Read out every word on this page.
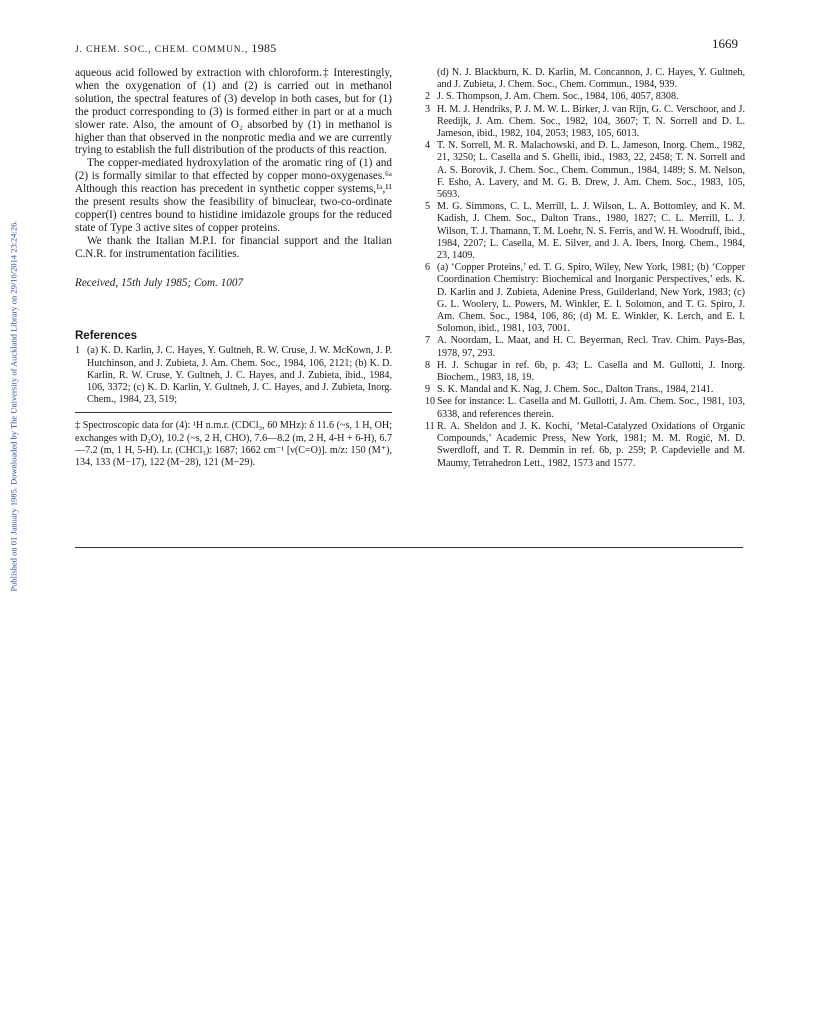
Published on 01 January 1985. Downloaded by The University of Auckland Library on 29/10/2014 23:24:26.
J. CHEM. SOC., CHEM. COMMUN., 1985	1669

aqueous acid followed by extraction with chloroform.‡ Interestingly, when the oxygenation of (1) and (2) is carried out in methanol solution, the spectral features of (3) develop in both cases, but for (1) the product corresponding to (3) is formed either in part or at a much slower rate. Also, the amount of O₂ absorbed by (1) in methanol is higher than that observed in the nonprotic media and we are currently trying to establish the full distribution of the products of this reaction.

The copper-mediated hydroxylation of the aromatic ring of (1) and (2) is formally similar to that effected by copper mono-oxygenases.⁶ᵃ Although this reaction has precedent in synthetic copper systems,¹ᵃ,¹¹ the present results show the feasibility of binuclear, two-co-ordinate copper(I) centres bound to histidine imidazole groups for the reduced state of Type 3 active sites of copper proteins.

We thank the Italian M.P.I. for financial support and the Italian C.N.R. for instrumentation facilities.

Received, 15th July 1985; Com. 1007

References
1 (a) K. D. Karlin, J. C. Hayes, Y. Gultneh, R. W. Cruse, J. W. McKown, J. P. Hutchinson, and J. Zubieta, J. Am. Chem. Soc., 1984, 106, 2121; (b) K. D. Karlin, R. W. Cruse, Y. Gultneh, J. C. Hayes, and J. Zubieta, ibid., 1984, 106, 3372; (c) K. D. Karlin, Y. Gultneh, J. C. Hayes, and J. Zubieta, Inorg. Chem., 1984, 23, 519;

‡ Spectroscopic data for (4): ¹H n.m.r. (CDCl₃, 60 MHz): δ 11.6 (~s, 1 H, OH; exchanges with D₂O), 10.2 (~s, 2 H, CHO), 7.6—8.2 (m, 2 H, 4-H + 6-H), 6.7—7.2 (m, 1 H, 5-H). I.r. (CHCl₃): 1687; 1662 cm⁻¹ [ν(C=O)]. m/z: 150 (M⁺), 134, 133 (M−17), 122 (M−28), 121 (M−29).

(d) N. J. Blackburn, K. D. Karlin, M. Concannon, J. C. Hayes, Y. Gultneh, and J. Zubieta, J. Chem. Soc., Chem. Commun., 1984, 939.
2 J. S. Thompson, J. Am. Chem. Soc., 1984, 106, 4057, 8308.
3 H. M. J. Hendriks, P. J. M. W. L. Birker, J. van Rijn, G. C. Verschoor, and J. Reedijk, J. Am. Chem. Soc., 1982, 104, 3607; T. N. Sorrell and D. L. Jameson, ibid., 1982, 104, 2053; 1983, 105, 6013.
4 T. N. Sorrell, M. R. Malachowski, and D. L. Jameson, Inorg. Chem., 1982, 21, 3250; L. Casella and S. Ghelli, ibid., 1983, 22, 2458; T. N. Sorrell and A. S. Borovik, J. Chem. Soc., Chem. Commun., 1984, 1489; S. M. Nelson, F. Esho, A. Lavery, and M. G. B. Drew, J. Am. Chem. Soc., 1983, 105, 5693.
5 M. G. Simmons, C. L. Merrill, L. J. Wilson, L. A. Bottomley, and K. M. Kadish, J. Chem. Soc., Dalton Trans., 1980, 1827; C. L. Merrill, L. J. Wilson, T. J. Thamann, T. M. Loehr, N. S. Ferris, and W. H. Woodruff, ibid., 1984, 2207; L. Casella, M. E. Silver, and J. A. Ibers, Inorg. Chem., 1984, 23, 1409.
6 (a) ‘Copper Proteins,’ ed. T. G. Spiro, Wiley, New York, 1981; (b) ‘Copper Coordination Chemistry: Biochemical and Inorganic Perspectives,’ eds. K. D. Karlin and J. Zubieta, Adenine Press, Guilderland, New York, 1983; (c) G. L. Woolery, L. Powers, M. Winkler, E. I. Solomon, and T. G. Spiro, J. Am. Chem. Soc., 1984, 106, 86; (d) M. E. Winkler, K. Lerch, and E. I. Solomon, ibid., 1981, 103, 7001.
7 A. Noordam, L. Maat, and H. C. Beyerman, Recl. Trav. Chim. Pays-Bas, 1978, 97, 293.
8 H. J. Schugar in ref. 6b, p. 43; L. Casella and M. Gullotti, J. Inorg. Biochem., 1983, 18, 19.
9 S. K. Mandal and K. Nag, J. Chem. Soc., Dalton Trans., 1984, 2141.
10 See for instance: L. Casella and M. Gullotti, J. Am. Chem. Soc., 1981, 103, 6338, and references therein.
11 R. A. Sheldon and J. K. Kochi, ‘Metal-Catalyzed Oxidations of Organic Compounds,’ Academic Press, New York, 1981; M. M. Rogić, M. D. Swerdloff, and T. R. Demmin in ref. 6b, p. 259; P. Capdevielle and M. Maumy, Tetrahedron Lett., 1982, 1573 and 1577.
